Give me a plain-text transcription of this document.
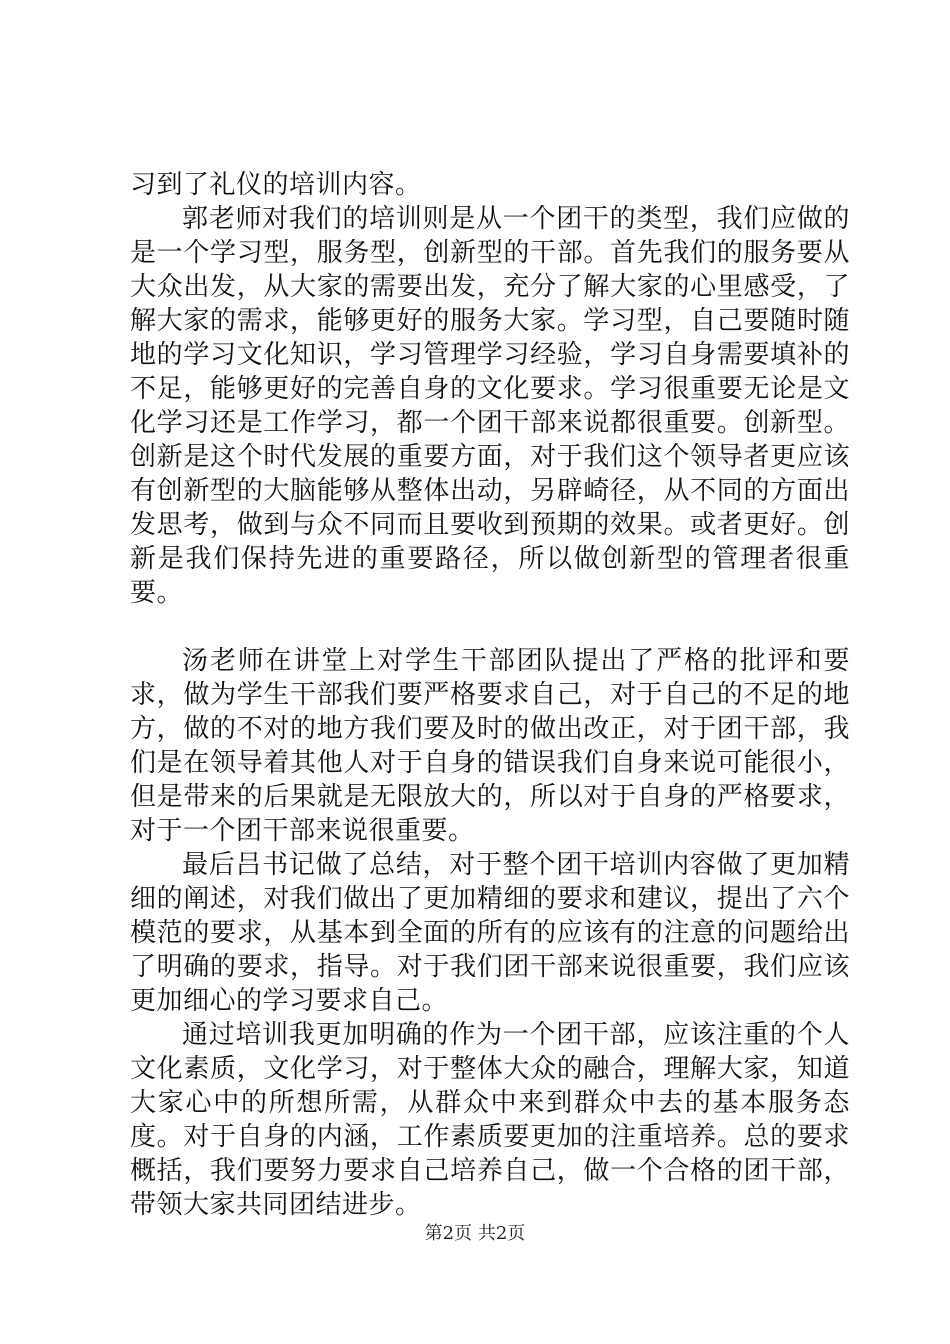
习到了礼仪的培训内容。

郭老师对我们的培训则是从一个团干的类型，我们应做的是一个学习型，服务型，创新型的干部。首先我们的服务要从大众出发，从大家的需要出发，充分了解大家的心里感受，了解大家的需求，能够更好的服务大家。学习型，自己要随时随地的学习文化知识，学习管理学习经验，学习自身需要填补的不足，能够更好的完善自身的文化要求。学习很重要无论是文化学习还是工作学习，都一个团干部来说都很重要。创新型。创新是这个时代发展的重要方面，对于我们这个领导者更应该有创新型的大脑能够从整体出动，另辟崎径，从不同的方面出发思考，做到与众不同而且要收到预期的效果。或者更好。创新是我们保持先进的重要路径，所以做创新型的管理者很重要。

汤老师在讲堂上对学生干部团队提出了严格的批评和要求，做为学生干部我们要严格要求自己，对于自己的不足的地方，做的不对的地方我们要及时的做出改正，对于团干部，我们是在领导着其他人对于自身的错误我们自身来说可能很小，但是带来的后果就是无限放大的，所以对于自身的严格要求，对于一个团干部来说很重要。

最后吕书记做了总结，对于整个团干培训内容做了更加精细的阐述，对我们做出了更加精细的要求和建议，提出了六个模范的要求，从基本到全面的所有的应该有的注意的问题给出了明确的要求，指导。对于我们团干部来说很重要，我们应该更加细心的学习要求自己。

通过培训我更加明确的作为一个团干部，应该注重的个人文化素质，文化学习，对于整体大众的融合，理解大家，知道大家心中的所想所需，从群众中来到群众中去的基本服务态度。对于自身的内涵，工作素质要更加的注重培养。总的要求概括，我们要努力要求自己培养自己，做一个合格的团干部，带领大家共同团结进步。

第2页 共2页
